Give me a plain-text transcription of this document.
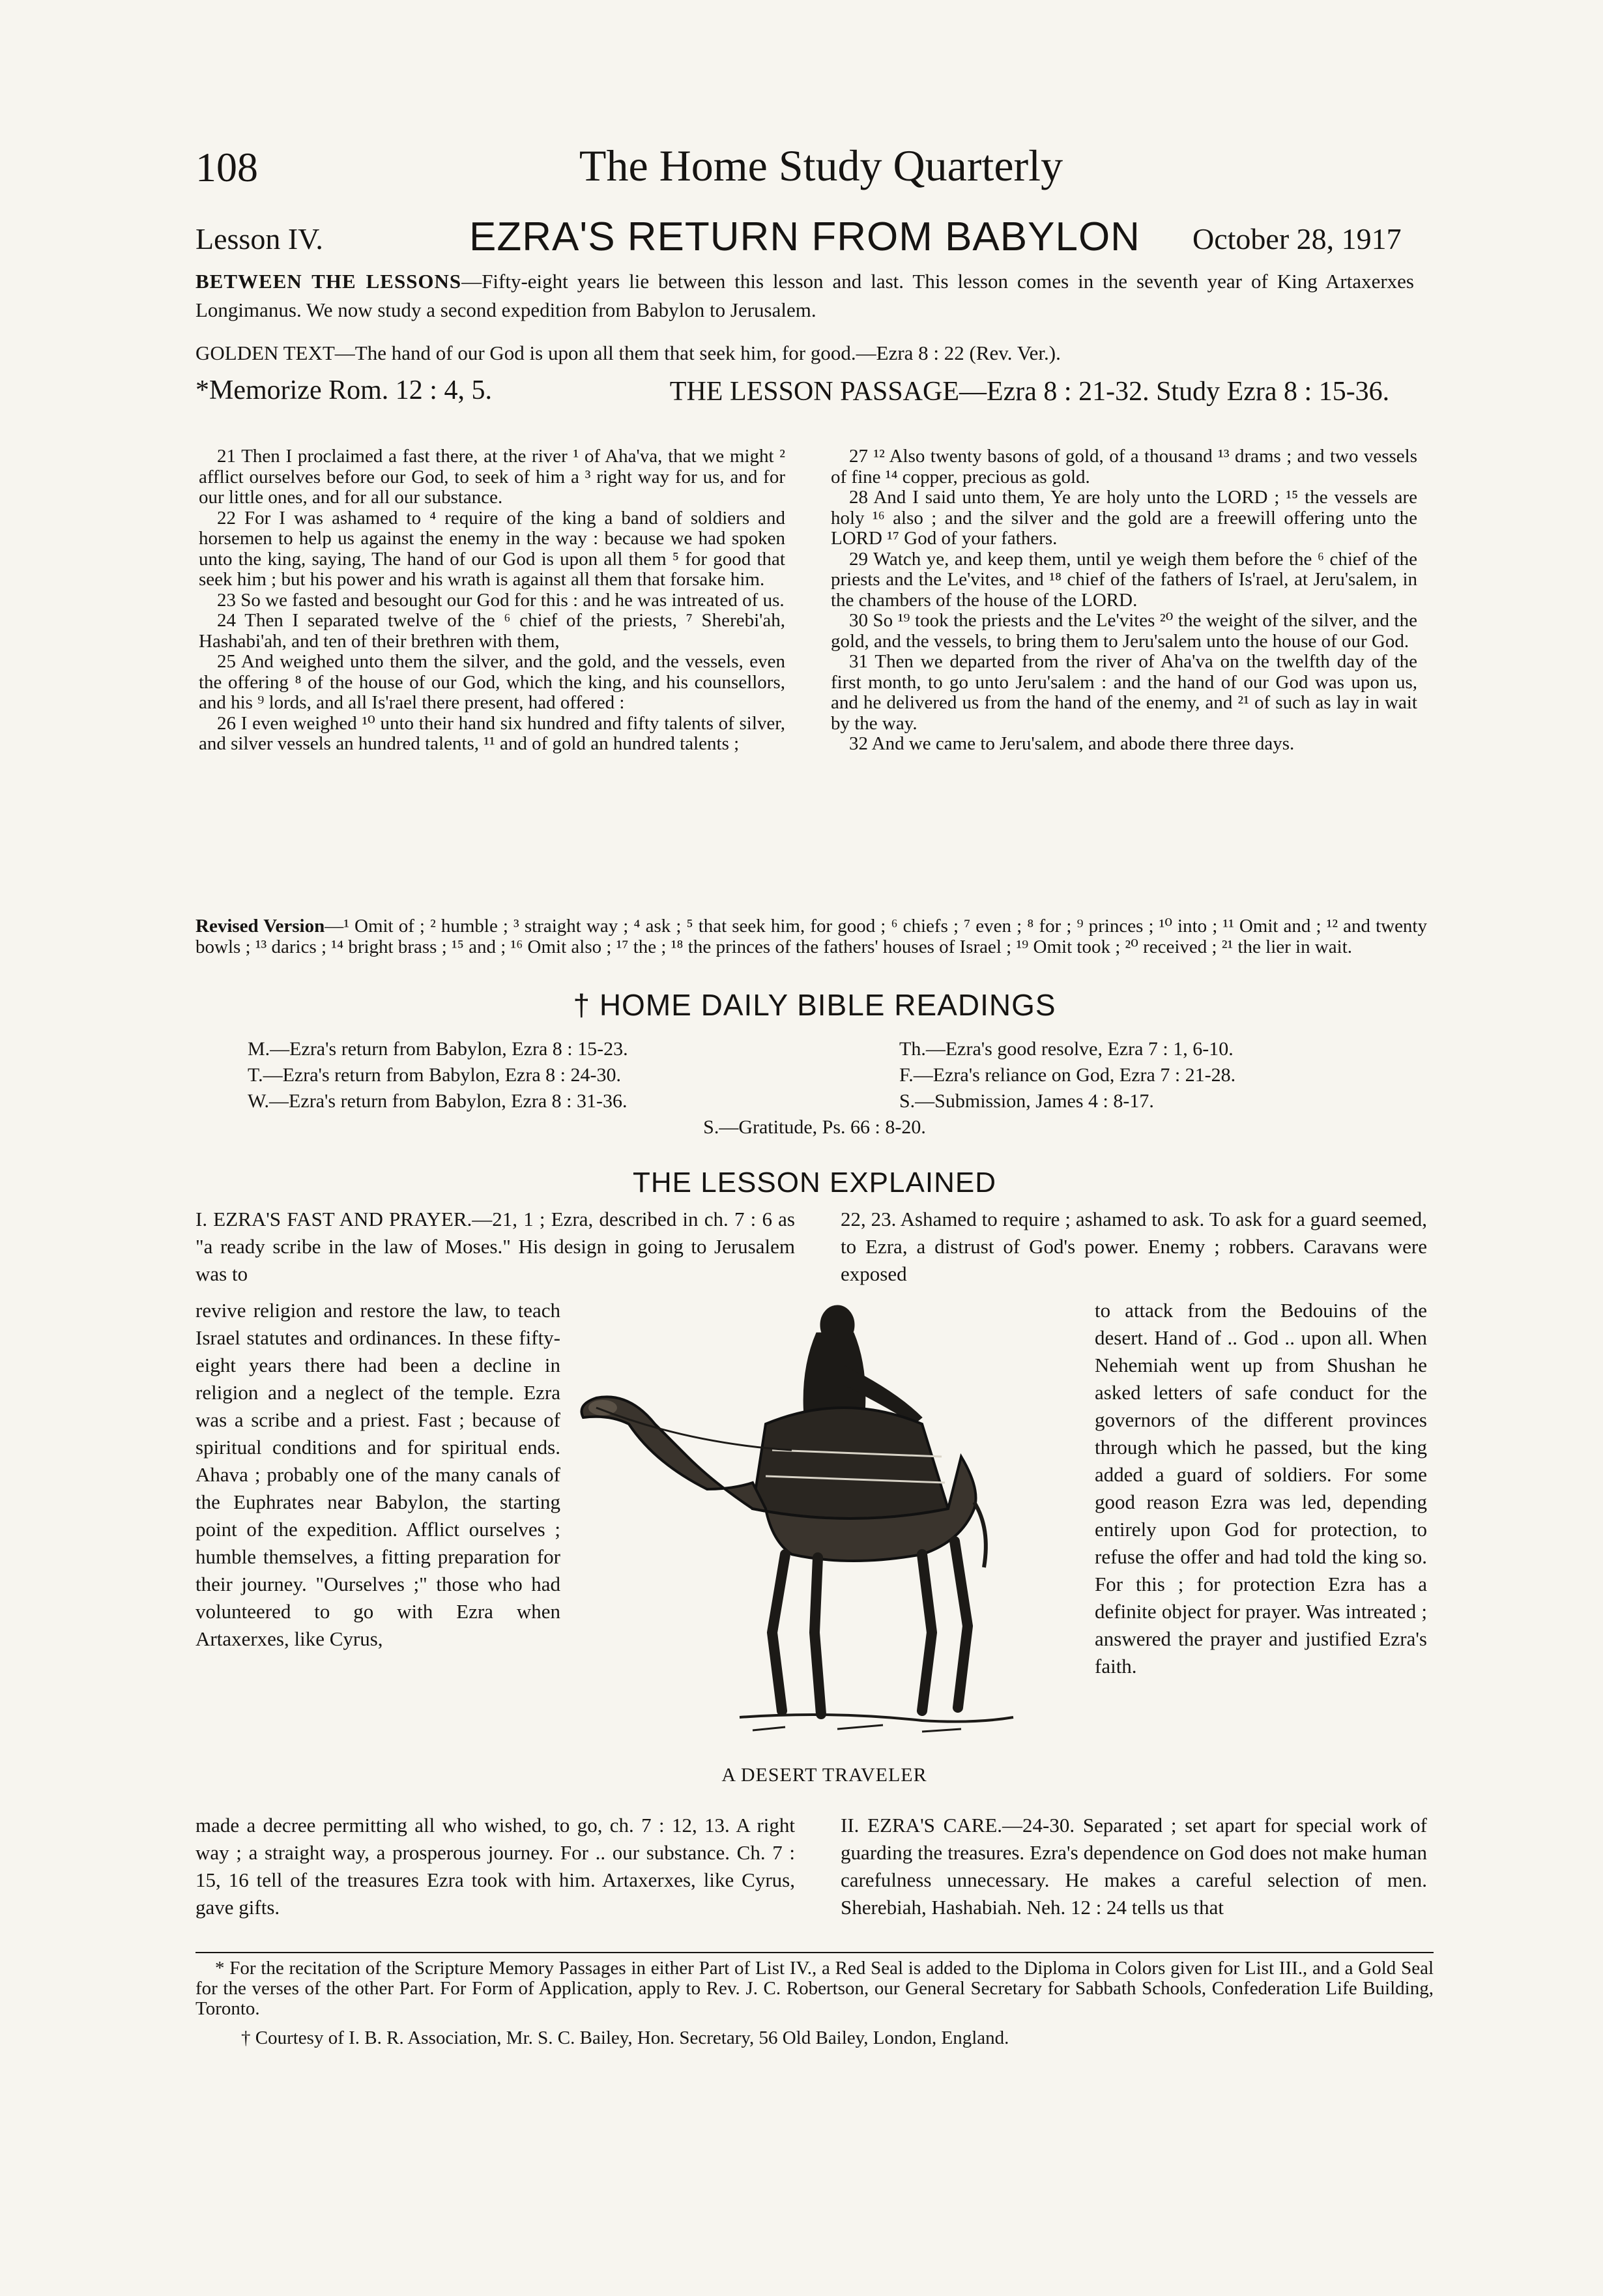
108	The Home Study Quarterly
Lesson IV.	EZRA'S RETURN FROM BABYLON October 28, 1917
BETWEEN THE LESSONS—Fifty-eight years lie between this lesson and last. This lesson comes in the seventh year of King Artaxerxes Longimanus. We now study a second expedition from Babylon to Jerusalem.
GOLDEN TEXT—The hand of our God is upon all them that seek him, for good.—Ezra 8 : 22 (Rev. Ver.).
*Memorize Rom. 12 : 4, 5.	THE LESSON PASSAGE—Ezra 8 : 21-32. Study Ezra 8 : 15-36.

21 Then I proclaimed a fast there, at the river ¹ of Aha'va, that we might ² afflict ourselves before our God, to seek of him a ³ right way for us, and for our little ones, and for all our substance.

22 For I was ashamed to ⁴ require of the king a band of soldiers and horsemen to help us against the enemy in the way : because we had spoken unto the king, saying, The hand of our God is upon all them ⁵ for good that seek him ; but his power and his wrath is against all them that forsake him.

23 So we fasted and besought our God for this : and he was intreated of us.

24 Then I separated twelve of the ⁶ chief of the priests, ⁷ Sherebi'ah, Hashabi'ah, and ten of their brethren with them,

25 And weighed unto them the silver, and the gold, and the vessels, even the offering ⁸ of the house of our God, which the king, and his counsellors, and his ⁹ lords, and all Is'rael there present, had offered :

26 I even weighed ¹⁰ unto their hand six hundred and fifty talents of silver, and silver vessels an hundred talents, ¹¹ and of gold an hundred talents ;

27 ¹² Also twenty basons of gold, of a thousand ¹³ drams ; and two vessels of fine ¹⁴ copper, precious as gold.

28 And I said unto them, Ye are holy unto the LORD ; ¹⁵ the vessels are holy ¹⁶ also ; and the silver and the gold are a freewill offering unto the LORD ¹⁷ God of your fathers.

29 Watch ye, and keep them, until ye weigh them before the ⁶ chief of the priests and the Le'vites, and ¹⁸ chief of the fathers of Is'rael, at Jeru'salem, in the chambers of the house of the LORD.

30 So ¹⁹ took the priests and the Le'vites ²⁰ the weight of the silver, and the gold, and the vessels, to bring them to Jeru'salem unto the house of our God.

31 Then we departed from the river of Aha'va on the twelfth day of the first month, to go unto Jeru'salem : and the hand of our God was upon us, and he delivered us from the hand of the enemy, and ²¹ of such as lay in wait by the way.

32 And we came to Jeru'salem, and abode there three days.

Revised Version—¹ Omit of ; ² humble ; ³ straight way ; ⁴ ask ; ⁵ that seek him, for good ; ⁶ chiefs ; ⁷ even ; ⁸ for ; ⁹ princes ; ¹⁰ into ; ¹¹ Omit and ; ¹² and twenty bowls ; ¹³ darics ; ¹⁴ bright brass ; ¹⁵ and ; ¹⁶ Omit also ; ¹⁷ the ; ¹⁸ the princes of the fathers' houses of Israel ; ¹⁹ Omit took ; ²⁰ received ; ²¹ the lier in wait.
† HOME DAILY BIBLE READINGS
M.—Ezra's return from Babylon, Ezra 8 : 15-23.
T.—Ezra's return from Babylon, Ezra 8 : 24-30.
W.—Ezra's return from Babylon, Ezra 8 : 31-36.
Th.—Ezra's good resolve, Ezra 7 : 1, 6-10.
F.—Ezra's reliance on God, Ezra 7 : 21-28.
S.—Submission, James 4 : 8-17.
S.—Gratitude, Ps. 66 : 8-20.
THE LESSON EXPLAINED

I. EZRA'S FAST AND PRAYER.—21, 1 ; Ezra, described in ch. 7 : 6 as "a ready scribe in the law of Moses." His design in going to Jerusalem was to

revive religion and restore the law, to teach Israel statutes and ordinances. In these fifty-eight years there had been a decline in religion and a neglect of the temple. Ezra was a scribe and a priest. Fast ; because of spiritual conditions and for spiritual ends. Ahava ; probably one of the many canals of the Euphrates near Babylon, the starting point of the expedition. Afflict ourselves ; humble themselves, a fitting preparation for their journey. "Ourselves ;" those who had volunteered to go with Ezra when Artaxerxes, like Cyrus,

made a decree permitting all who wished, to go, ch. 7 : 12, 13. A right way ; a straight way, a prosperous journey. For .. our substance. Ch. 7 : 15, 16 tell of the treasures Ezra took with him. Artaxerxes, like Cyrus, gave gifts.

22, 23. Ashamed to require ; ashamed to ask. To ask for a guard seemed, to Ezra, a distrust of God's power. Enemy ; robbers. Caravans were exposed

to attack from the Bedouins of the desert. Hand of .. God .. upon all. When Nehemiah went up from Shushan he asked letters of safe conduct for the governors of the different provinces through which he passed, but the king added a guard of soldiers. For some good reason Ezra was led, depending entirely upon God for protection, to refuse the offer and had told the king so. For this ; for protection Ezra has a definite object for prayer. Was intreated ; answered the prayer and justified Ezra's faith.

II. EZRA'S CARE.—24-30. Separated ; set apart for special work of guarding the treasures. Ezra's dependence on God does not make human carefulness unnecessary. He makes a careful selection of men. Sherebiah, Hashabiah. Neh. 12 : 24 tells us that

A DESERT TRAVELER

* For the recitation of the Scripture Memory Passages in either Part of List IV., a Red Seal is added to the Diploma in Colors given for List III., and a Gold Seal for the verses of the other Part. For Form of Application, apply to Rev. J. C. Robertson, our General Secretary for Sabbath Schools, Confederation Life Building, Toronto.

† Courtesy of I. B. R. Association, Mr. S. C. Bailey, Hon. Secretary, 56 Old Bailey, London, England.
